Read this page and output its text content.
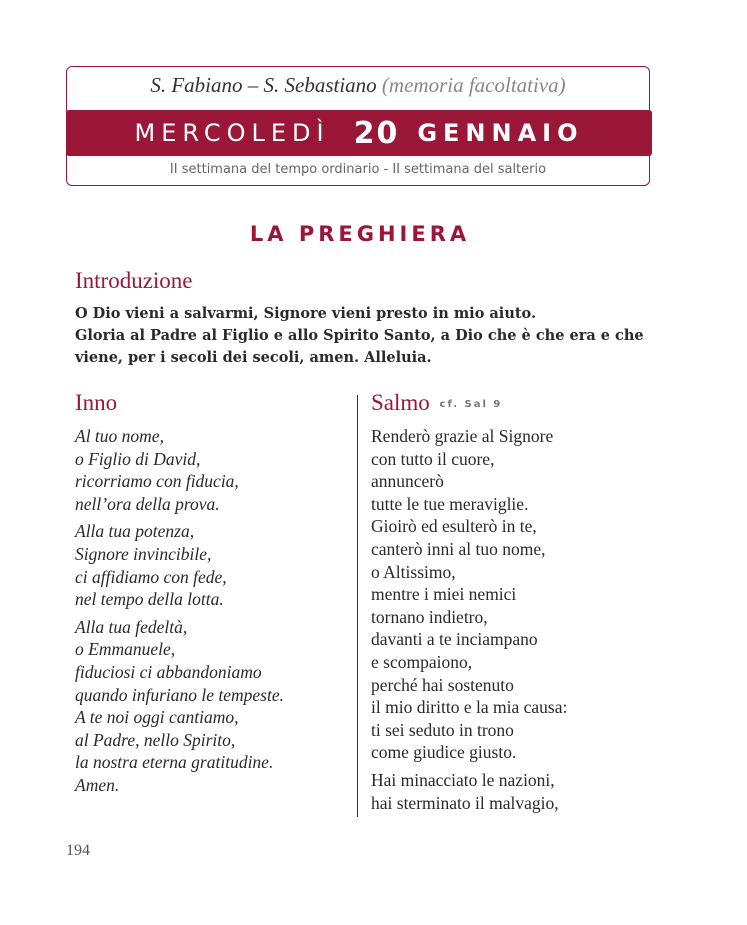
S. Fabiano – S. Sebastiano (memoria facoltativa)
MERCOLEDÌ 20 GENNAIO
II settimana del tempo ordinario - II settimana del salterio
LA PREGHIERA
Introduzione

O Dio vieni a salvarmi, Signore vieni presto in mio aiuto.

Gloria al Padre al Figlio e allo Spirito Santo, a Dio che è che era e che viene, per i secoli dei secoli, amen. Alleluia.

Inno
Al tuo nome,
o Figlio di David,
ricorriamo con fiducia,
nell’ora della prova.
Alla tua potenza,
Signore invincibile,
ci affidiamo con fede,
nel tempo della lotta.
Alla tua fedeltà,
o Emmanuele,
fiduciosi ci abbandoniamo
quando infuriano le tempeste.
A te noi oggi cantiamo,
al Padre, nello Spirito,
la nostra eterna gratitudine.
Amen.
Salmo cf. Sal 9
Renderò grazie al Signore
con tutto il cuore,
annuncerò
tutte le tue meraviglie.
Gioirò ed esulterò in te,
canterò inni al tuo nome,
o Altissimo,
mentre i miei nemici
tornano indietro,
davanti a te inciampano
e scompaiono,
perché hai sostenuto
il mio diritto e la mia causa:
ti sei seduto in trono
come giudice giusto.
Hai minacciato le nazioni,
hai sterminato il malvagio,
194
